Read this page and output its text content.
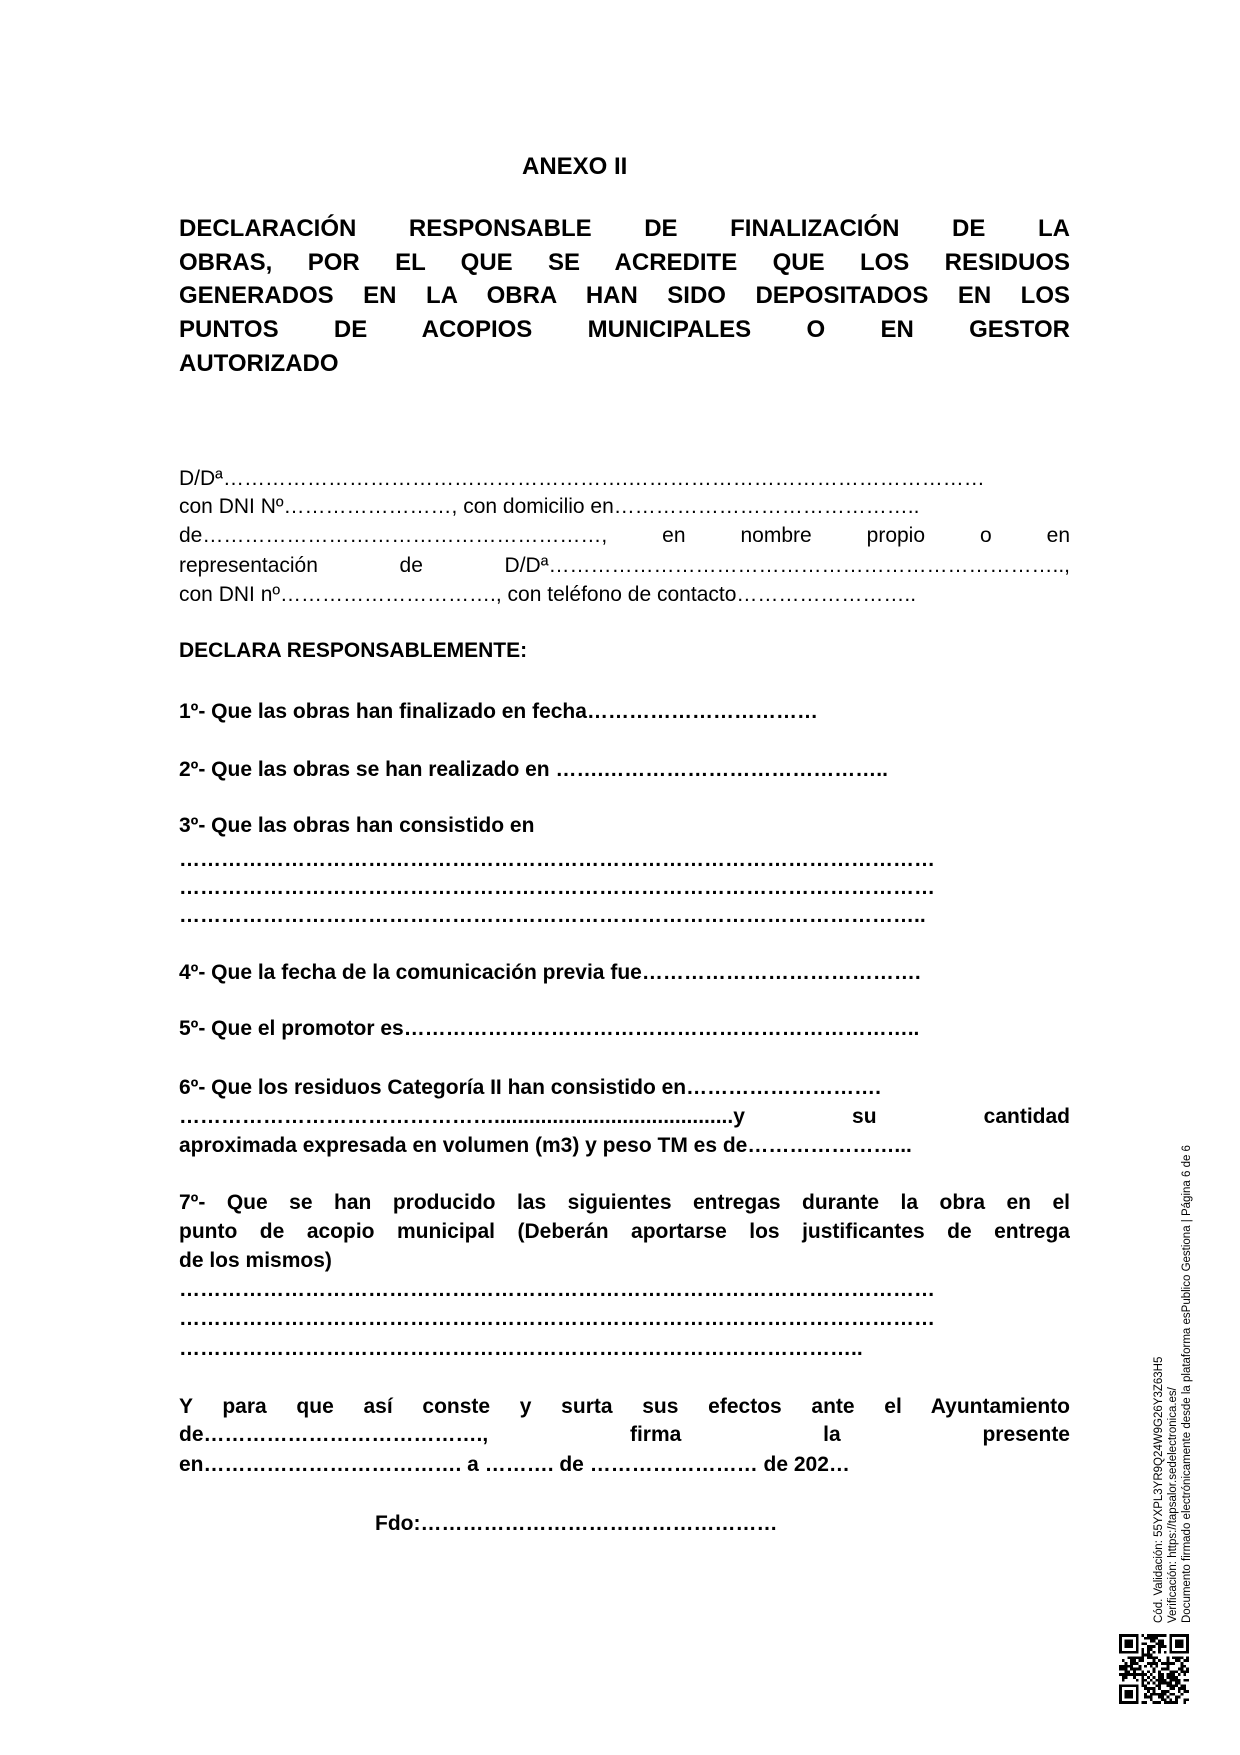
ANEXO II
DECLARACIÓN RESPONSABLE DE FINALIZACIÓN DE LA
OBRAS, POR EL QUE SE ACREDITE QUE LOS RESIDUOS
GENERADOS EN LA OBRA HAN SIDO DEPOSITADOS EN LOS
PUNTOS DE ACOPIOS MUNICIPALES O EN GESTOR
AUTORIZADO
D/Dª………………………………………………….……………………………………………
con DNI Nº……………………, con domicilio en……………………………………..
de…………………………………………………, en nombre propio o en
representación de D/Dª………………………………………………………………..,
con DNI nº…………………………., con teléfono de contacto……………………..
DECLARA RESPONSABLEMENTE:
1º- Que las obras han finalizado en fecha……………………………
2º- Que las obras se han realizado en …….…………………………………..
3º- Que las obras han consistido en
………………………………………………………………………………………………
………………………………………………………………………………………………
……………………………………………………………………………………………..
4º- Que la fecha de la comunicación previa fue………………………………….
5º- Que el promotor es………………………………………………………………..
6º- Que los residuos Categoría II han consistido en……………………….
……………………………………….........................................y su cantidad
aproximada expresada en volumen (m3) y peso TM es de…………………...
7º- Que se han producido las siguientes entregas durante la obra en el
punto de acopio municipal (Deberán aportarse los justificantes de entrega
de los mismos)
………………………………………………………………………………………………
………………………………………………………………………………………………
……………………………………………………………………………………..
Y para que así conste y surta sus efectos ante el Ayuntamiento
de…………………………………., firma la presente
en………………………………. a ………. de …………………… de 202…
Fdo:……………………………………………	Cód. Validación: 55YXPL3YR9Q24W9G26Y3Z63H5 Verificación: https://tapsalor.sedelectronica.es/ Documento firmado electrónicamente desde la plataforma esPublico Gestiona | Página 6 de 6
